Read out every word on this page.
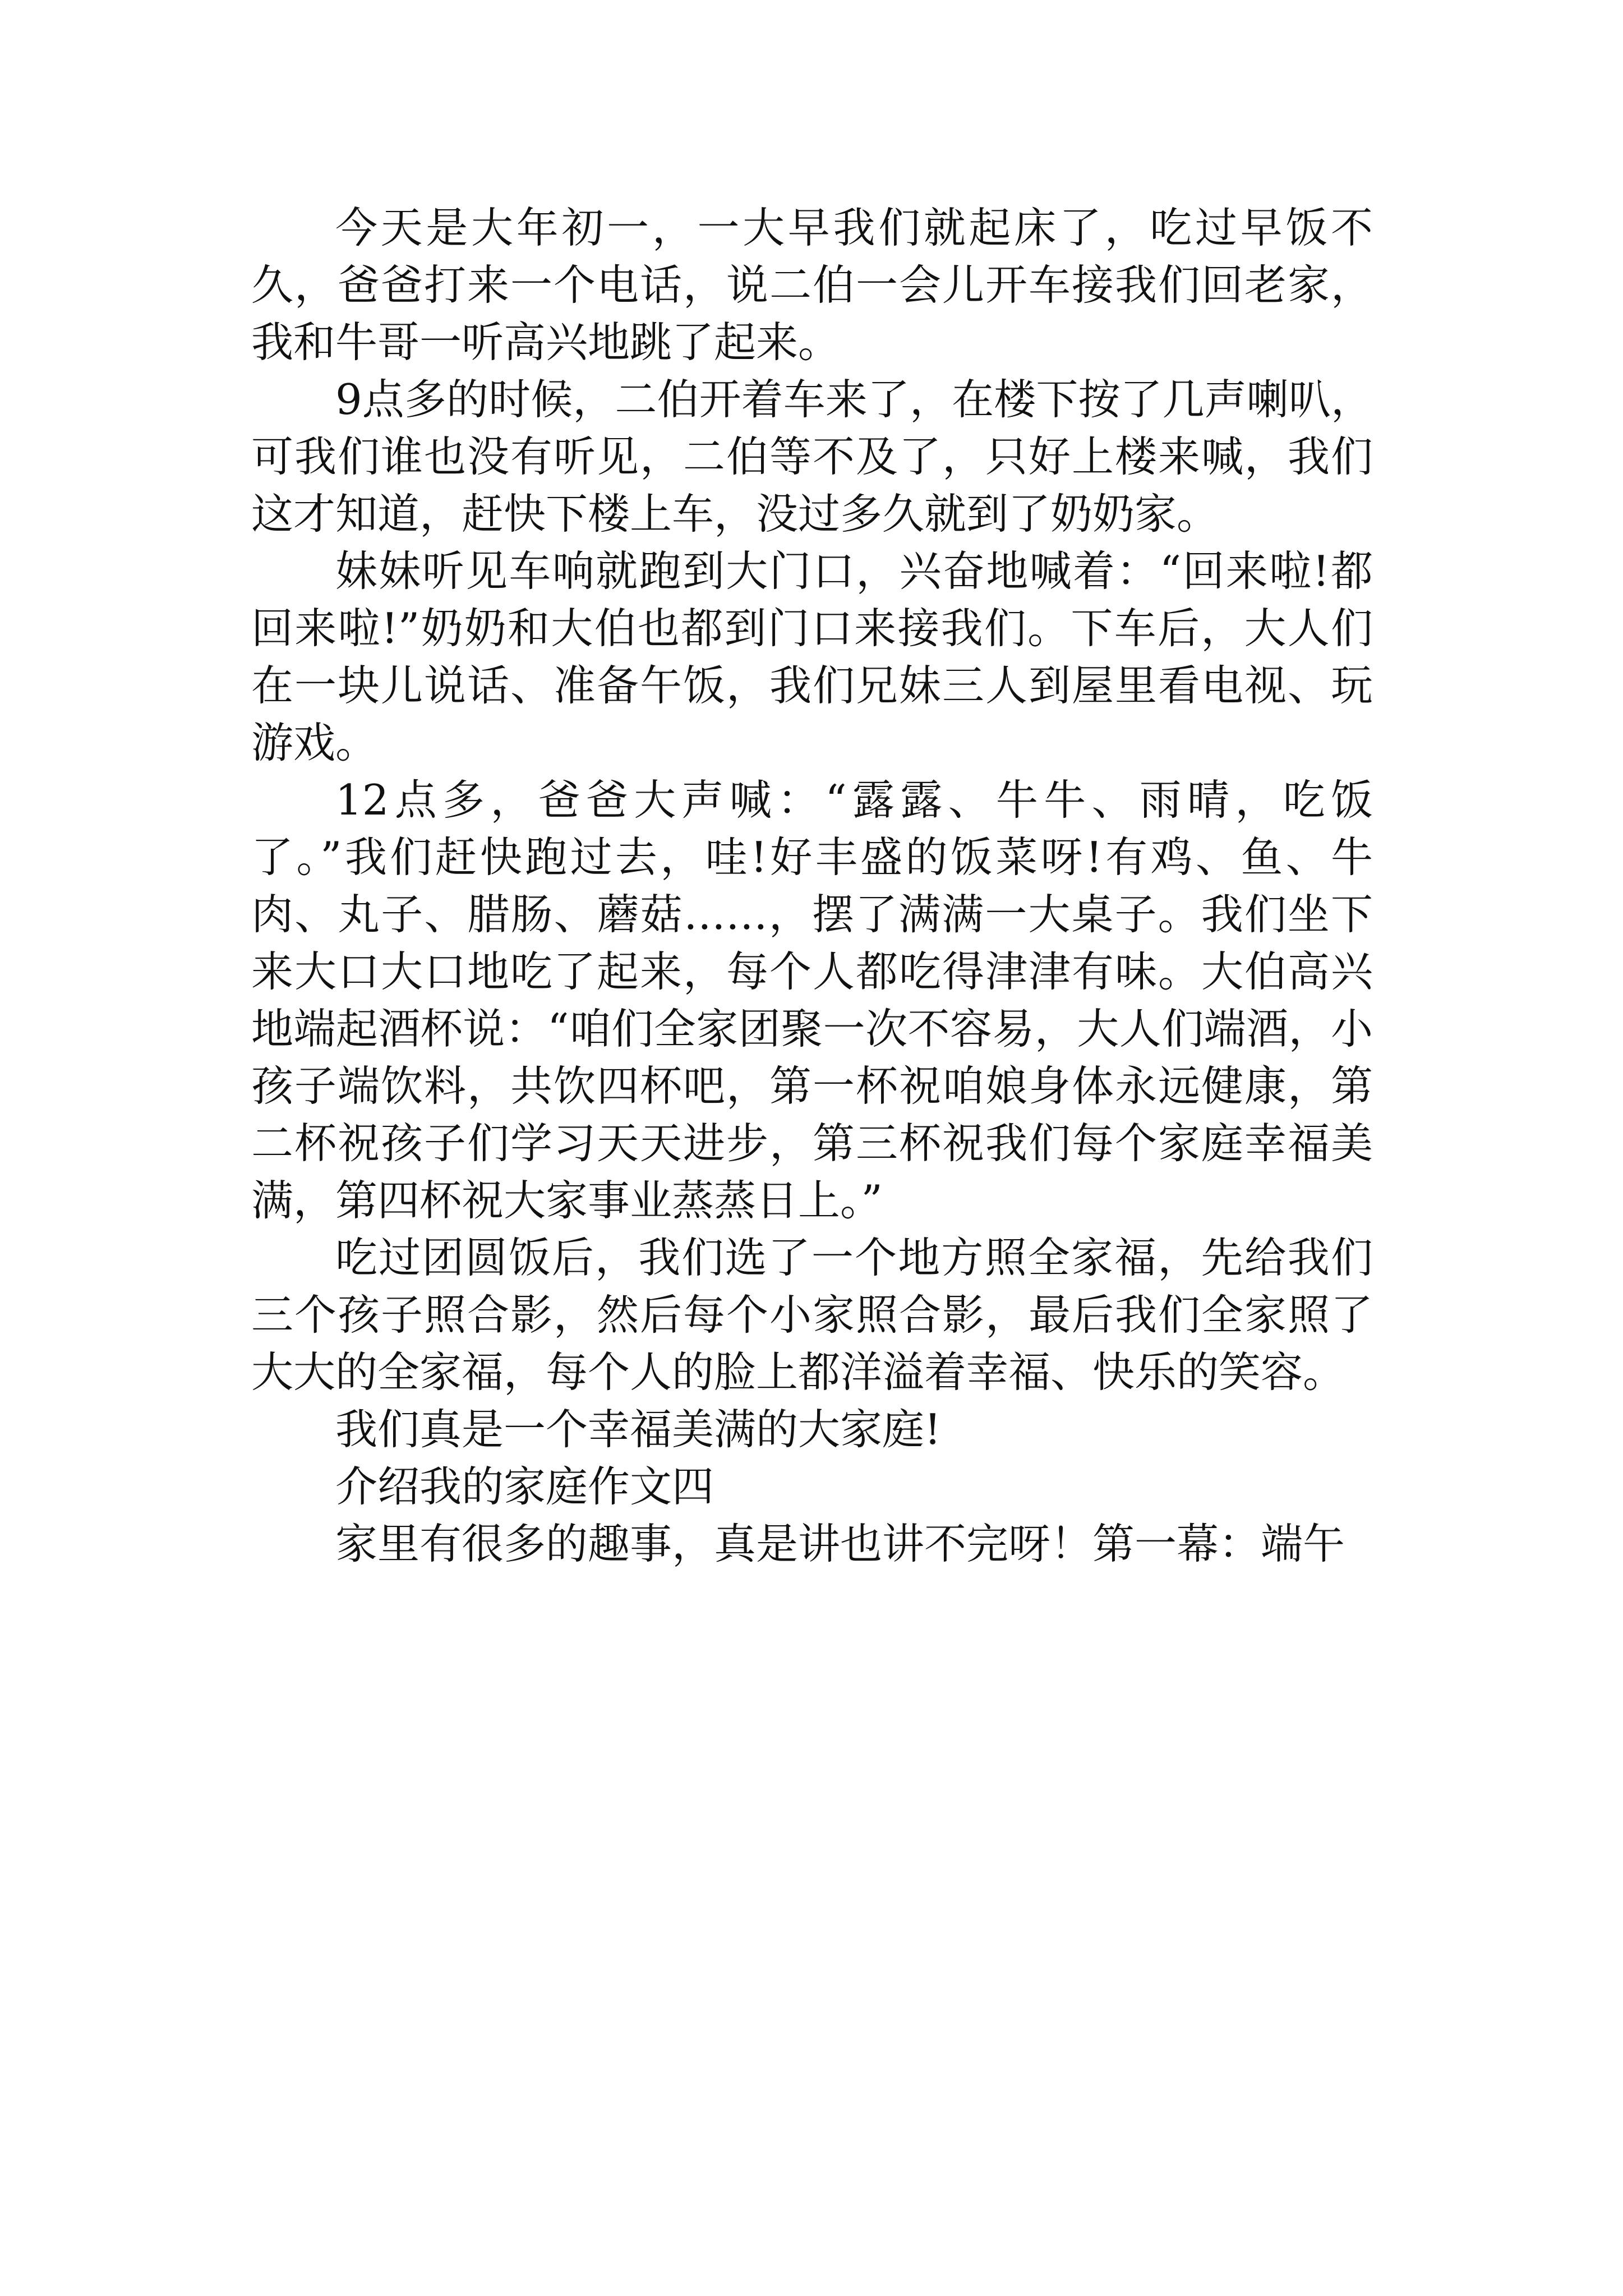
今天是大年初一，一大早我们就起床了，吃过早饭不久，爸爸打来一个电话，说二伯一会儿开车接我们回老家，我和牛哥一听高兴地跳了起来。

9点多的时候，二伯开着车来了，在楼下按了几声喇叭，可我们谁也没有听见，二伯等不及了，只好上楼来喊，我们这才知道，赶快下楼上车，没过多久就到了奶奶家。

妹妹听见车响就跑到大门口，兴奋地喊着：“回来啦!都回来啦!”奶奶和大伯也都到门口来接我们。下车后，大人们在一块儿说话、准备午饭，我们兄妹三人到屋里看电视、玩游戏。

12点多，爸爸大声喊：“露露、牛牛、雨晴，吃饭了。”我们赶快跑过去，哇!好丰盛的饭菜呀!有鸡、鱼、牛肉、丸子、腊肠、蘑菇……，摆了满满一大桌子。我们坐下来大口大口地吃了起来，每个人都吃得津津有味。大伯高兴地端起酒杯说：“咱们全家团聚一次不容易，大人们端酒，小孩子端饮料，共饮四杯吧，第一杯祝咱娘身体永远健康，第二杯祝孩子们学习天天进步，第三杯祝我们每个家庭幸福美满，第四杯祝大家事业蒸蒸日上。”

吃过团圆饭后，我们选了一个地方照全家福，先给我们三个孩子照合影，然后每个小家照合影，最后我们全家照了大大的全家福，每个人的脸上都洋溢着幸福、快乐的笑容。

我们真是一个幸福美满的大家庭!

介绍我的家庭作文四

家里有很多的趣事，真是讲也讲不完呀！第一幕：端午
